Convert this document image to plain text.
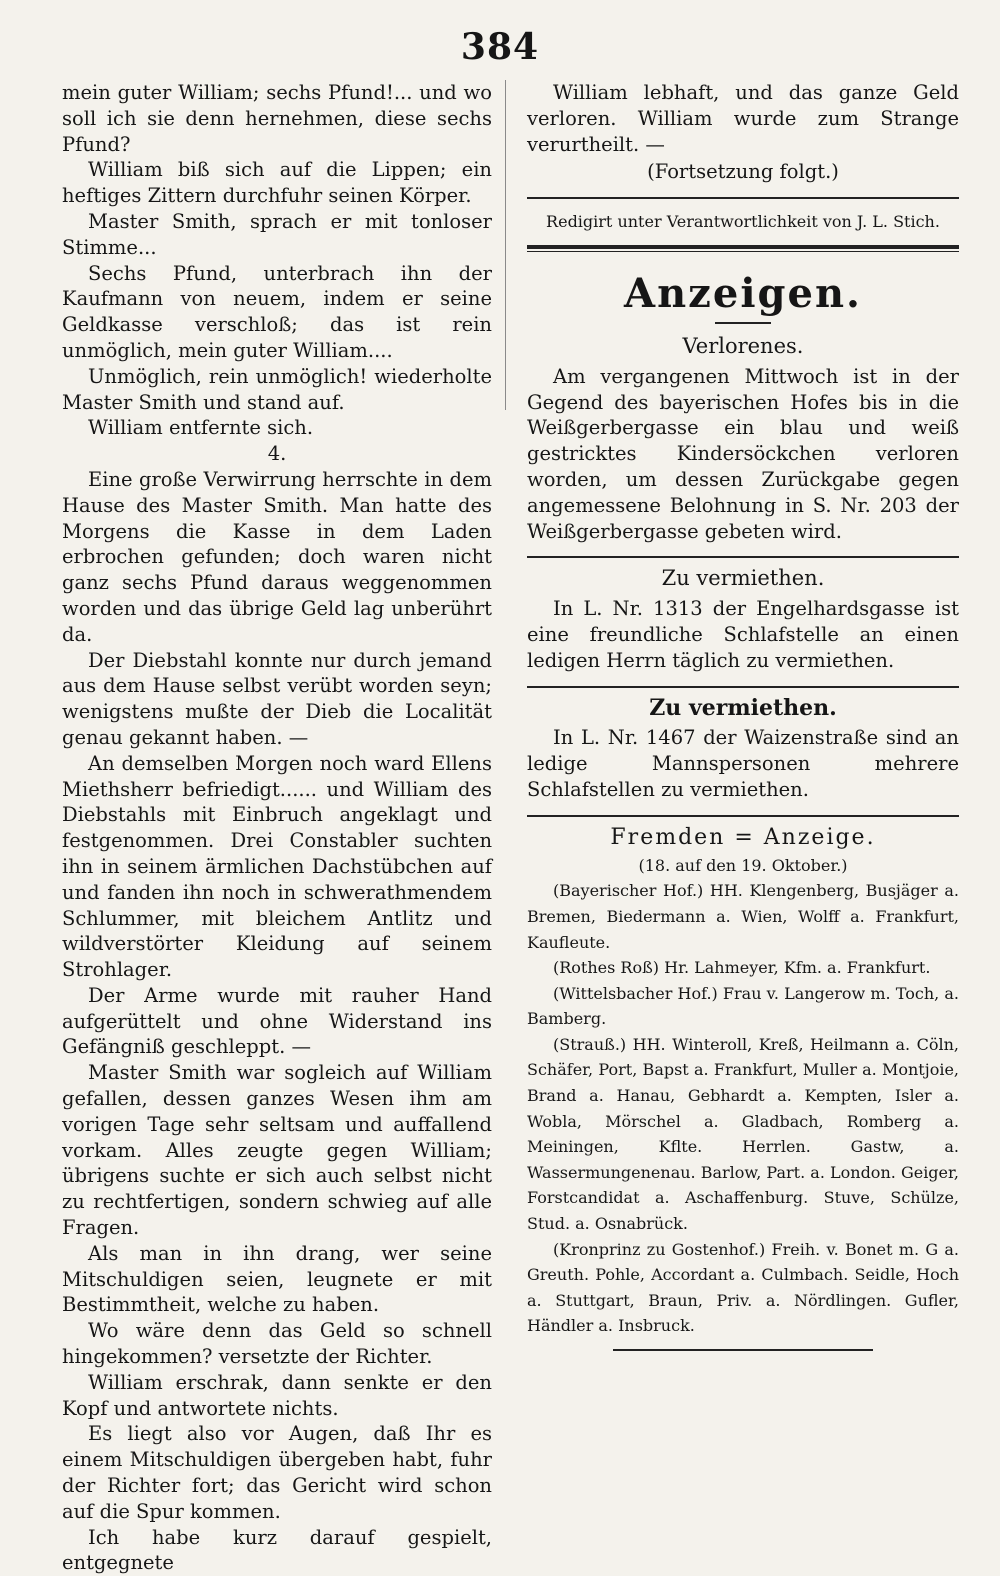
384

mein guter William; sechs Pfund!... und wo soll ich sie denn hernehmen, diese sechs Pfund?

William biß sich auf die Lippen; ein heftiges Zittern durchfuhr seinen Körper.

Master Smith, sprach er mit tonloser Stimme...

Sechs Pfund, unterbrach ihn der Kaufmann von neuem, indem er seine Geldkasse verschloß; das ist rein unmöglich, mein guter William....

Unmöglich, rein unmöglich! wiederholte Master Smith und stand auf.

William entfernte sich.

4.

Eine große Verwirrung herrschte in dem Hause des Master Smith. Man hatte des Morgens die Kasse in dem Laden erbrochen gefunden; doch waren nicht ganz sechs Pfund daraus weggenommen worden und das übrige Geld lag unberührt da.

Der Diebstahl konnte nur durch jemand aus dem Hause selbst verübt worden seyn; wenigstens mußte der Dieb die Localität genau gekannt haben. —

An demselben Morgen noch ward Ellens Miethsherr befriedigt...... und William des Diebstahls mit Einbruch angeklagt und festgenommen. Drei Constabler suchten ihn in seinem ärmlichen Dachstübchen auf und fanden ihn noch in schwerathmendem Schlummer, mit bleichem Antlitz und wildverstörter Kleidung auf seinem Strohlager.

Der Arme wurde mit rauher Hand aufgerüttelt und ohne Widerstand ins Gefängniß geschleppt. —

Master Smith war sogleich auf William gefallen, dessen ganzes Wesen ihm am vorigen Tage sehr seltsam und auffallend vorkam. Alles zeugte gegen William; übrigens suchte er sich auch selbst nicht zu rechtfertigen, sondern schwieg auf alle Fragen.

Als man in ihn drang, wer seine Mitschuldigen seien, leugnete er mit Bestimmtheit, welche zu haben.

Wo wäre denn das Geld so schnell hingekommen? versetzte der Richter.

William erschrak, dann senkte er den Kopf und antwortete nichts.

Es liegt also vor Augen, daß Ihr es einem Mitschuldigen übergeben habt, fuhr der Richter fort; das Gericht wird schon auf die Spur kommen.

Ich habe kurz darauf gespielt, entgegnete

William lebhaft, und das ganze Geld verloren. William wurde zum Strange verurtheilt. —

(Fortsetzung folgt.)

Redigirt unter Verantwortlichkeit von J. L. Stich.

Anzeigen.
Verlorenes.

Am vergangenen Mittwoch ist in der Gegend des bayerischen Hofes bis in die Weißgerbergasse ein blau und weiß gestricktes Kindersöckchen verloren worden, um dessen Zurückgabe gegen angemessene Belohnung in S. Nr. 203 der Weißgerbergasse gebeten wird.

Zu vermiethen.

In L. Nr. 1313 der Engelhardsgasse ist eine freundliche Schlafstelle an einen ledigen Herrn täglich zu vermiethen.

Zu vermiethen.

In L. Nr. 1467 der Waizenstraße sind an ledige Mannspersonen mehrere Schlafstellen zu vermiethen.

Fremden = Anzeige.

(18. auf den 19. Oktober.)

(Bayerischer Hof.) HH. Klengenberg, Busjäger a. Bremen, Biedermann a. Wien, Wolff a. Frankfurt, Kaufleute.

(Rothes Roß) Hr. Lahmeyer, Kfm. a. Frankfurt.

(Wittelsbacher Hof.) Frau v. Langerow m. Toch, a. Bamberg.

(Strauß.) HH. Winteroll, Kreß, Heilmann a. Cöln, Schäfer, Port, Bapst a. Frankfurt, Muller a. Montjoie, Brand a. Hanau, Gebhardt a. Kempten, Isler a. Wobla, Mörschel a. Gladbach, Romberg a. Meiningen, Kflte. Herrlen. Gastw, a. Wassermungenenau. Barlow, Part. a. London. Geiger, Forstcandidat a. Aschaffenburg. Stuve, Schülze, Stud. a. Osnabrück.

(Kronprinz zu Gostenhof.) Freih. v. Bonet m. G a. Greuth. Pohle, Accordant a. Culmbach. Seidle, Hoch a. Stuttgart, Braun, Priv. a. Nördlingen. Gufler, Händler a. Insbruck.
